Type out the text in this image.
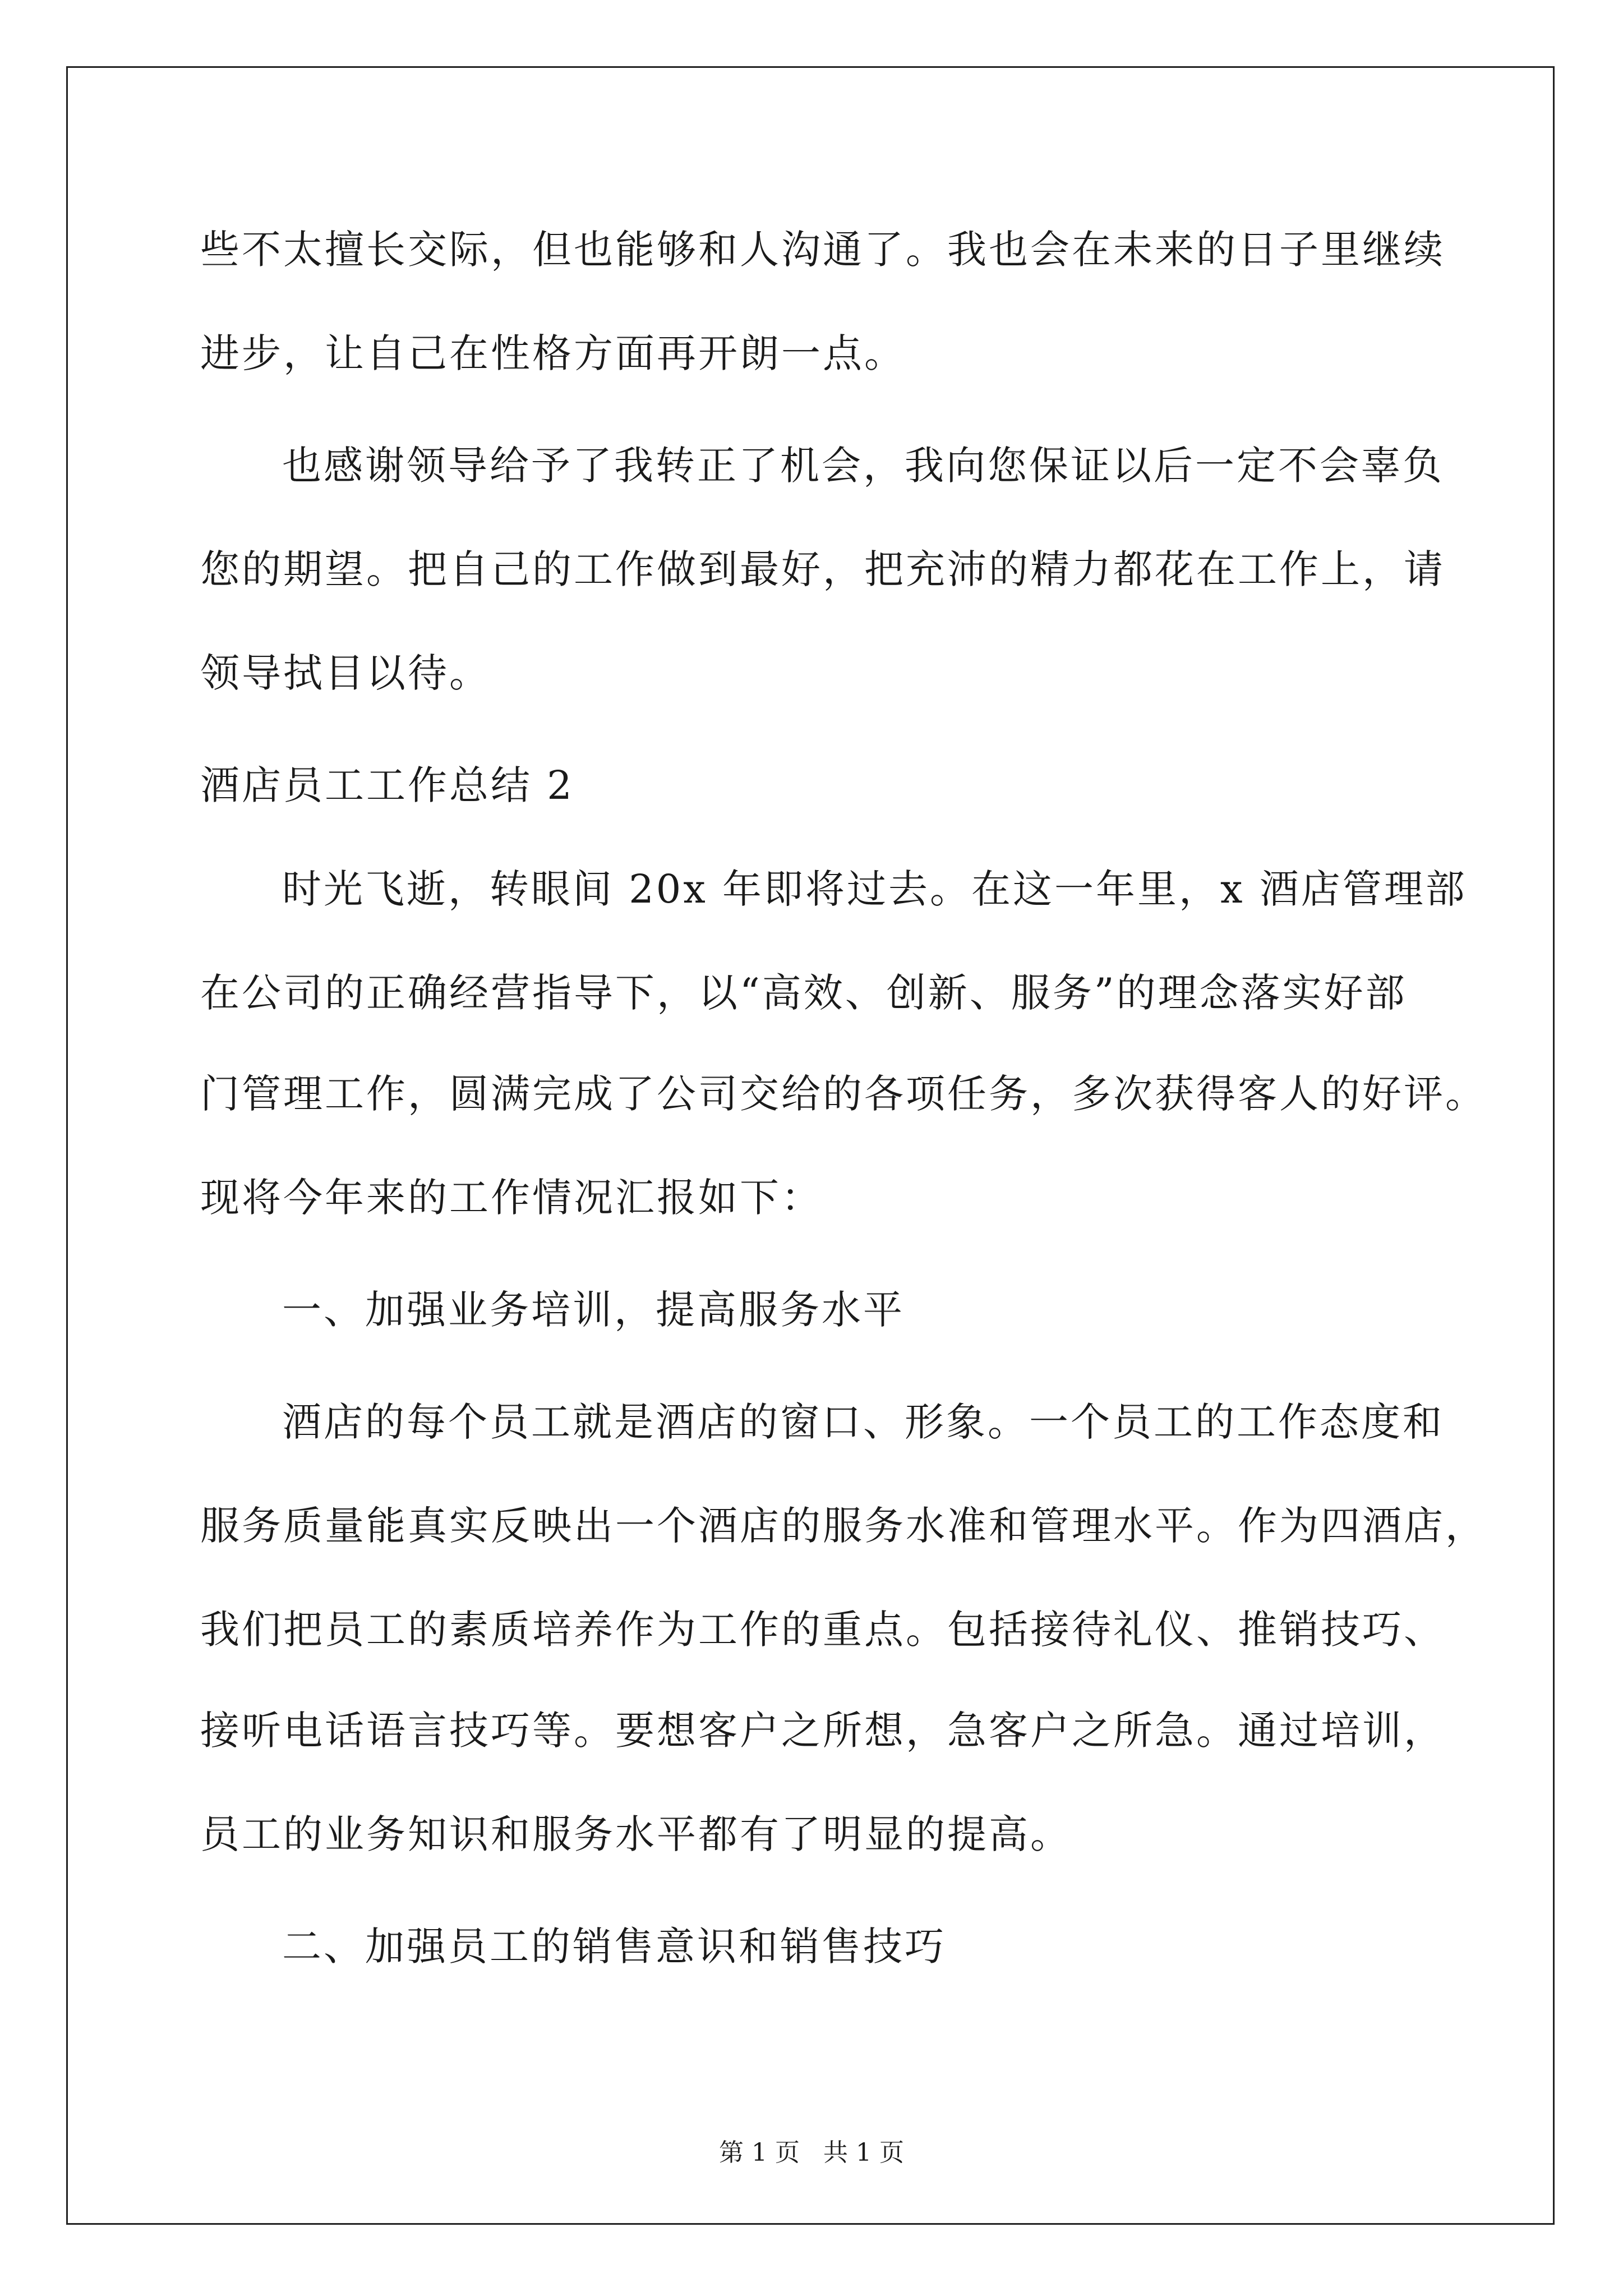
些不太擅长交际，但也能够和人沟通了。我也会在未来的日子里继续
进步，让自己在性格方面再开朗一点。
也感谢领导给予了我转正了机会，我向您保证以后一定不会辜负
您的期望。把自己的工作做到最好，把充沛的精力都花在工作上，请
领导拭目以待。
酒店员工工作总结 2
时光飞逝，转眼间 20x 年即将过去。在这一年里，x 酒店管理部
在公司的正确经营指导下，以“高效、创新、服务”的理念落实好部
门管理工作，圆满完成了公司交给的各项任务，多次获得客人的好评。
现将今年来的工作情况汇报如下：
一、加强业务培训，提高服务水平
酒店的每个员工就是酒店的窗口、形象。一个员工的工作态度和
服务质量能真实反映出一个酒店的服务水准和管理水平。作为四酒店，
我们把员工的素质培养作为工作的重点。包括接待礼仪、推销技巧、
接听电话语言技巧等。要想客户之所想，急客户之所急。通过培训，
员工的业务知识和服务水平都有了明显的提高。
二、加强员工的销售意识和销售技巧
第 1 页   共 1 页
